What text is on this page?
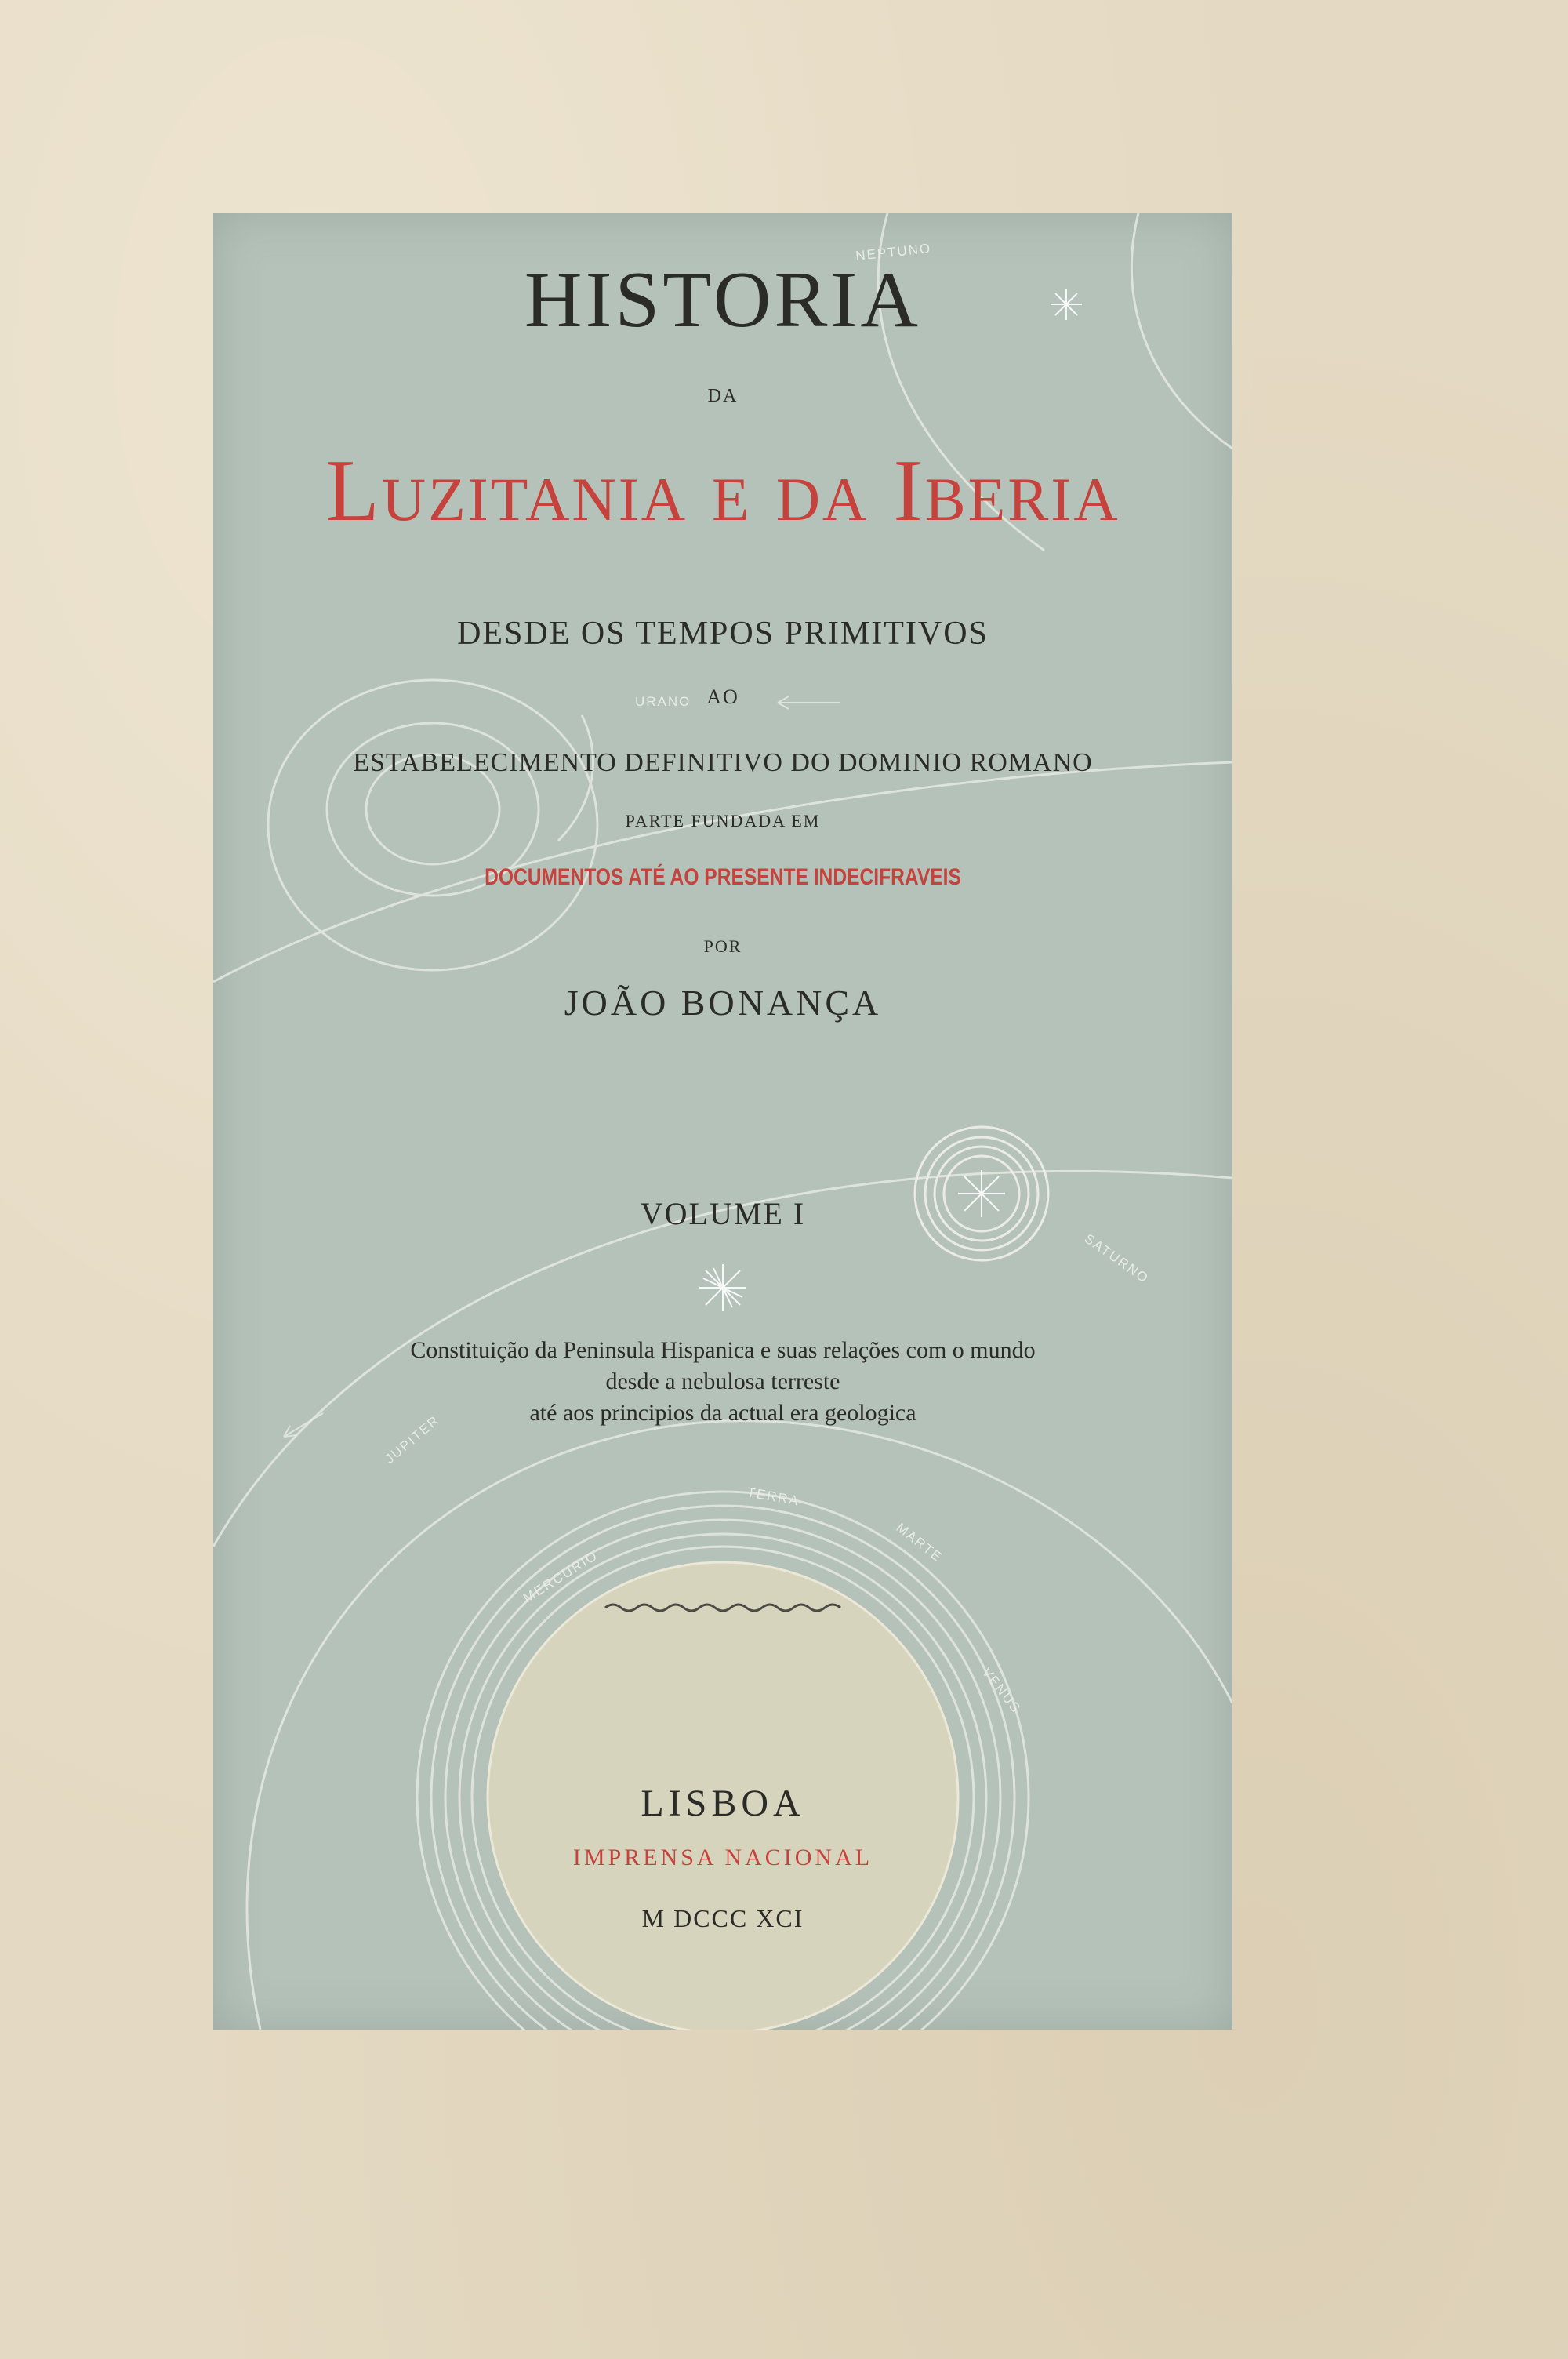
NEPTUNO
URANO
SATURNO
JUPITER
TERRA
MARTE
MERCURIO
VENUS
HISTORIA
DA
Luzitania e da Iberia
DESDE OS TEMPOS PRIMITIVOS
AO
ESTABELECIMENTO DEFINITIVO DO DOMINIO ROMANO
PARTE FUNDADA EM
DOCUMENTOS ATÉ AO PRESENTE INDECIFRAVEIS
POR
JOÃO BONANÇA
VOLUME I
Constituição da Peninsula Hispanica e suas relações com o mundo
desde a nebulosa terreste
até aos principios da actual era geologica
LISBOA
IMPRENSA NACIONAL
M DCCC XCI
